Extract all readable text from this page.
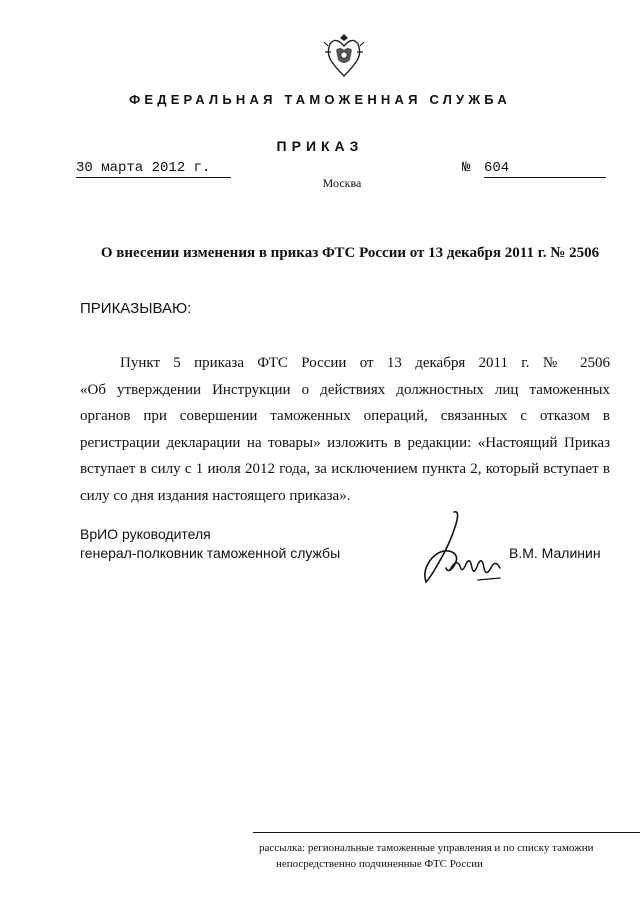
ФЕДЕРАЛЬНАЯ ТАМОЖЕННАЯ СЛУЖБА
ПРИКАЗ
30 марта 2012 г.	№ 604
Москва
О внесении изменения в приказ ФТС России от 13 декабря 2011 г. № 2506
ПРИКАЗЫВАЮ:
Пункт 5 приказа ФТС России от 13 декабря 2011 г. № 2506
«Об утверждении Инструкции о действиях должностных лиц таможенных
органов при совершении таможенных операций, связанных с отказом в
регистрации декларации на товары» изложить в редакции: «Настоящий Приказ
вступает в силу с 1 июля 2012 года, за исключением пункта 2, который вступает в
силу со дня издания настоящего приказа».
ВрИО руководителя
генерал-полковник таможенной службы	В.М. Малинин
рассылка: региональные таможенные управления и по списку таможни
непосредственно подчиненные ФТС России
